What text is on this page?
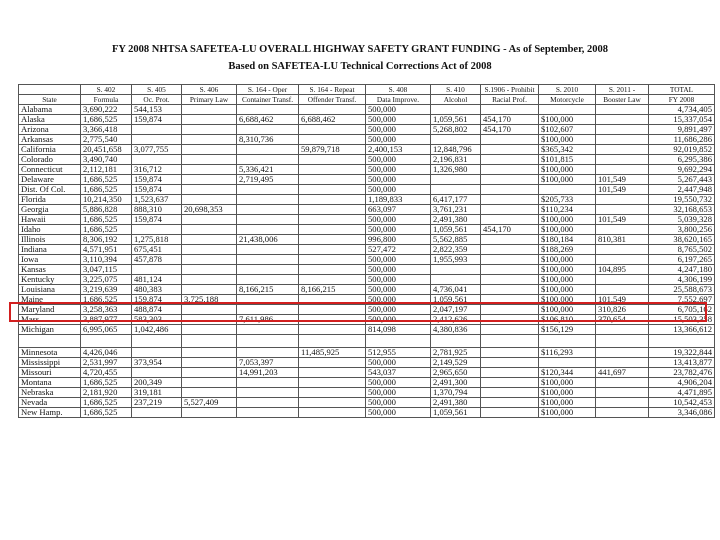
FY 2008 NHTSA SAFETEA-LU OVERALL HIGHWAY SAFETY GRANT FUNDING - As of September, 2008
Based on SAFETEA-LU Technical Corrections Act of 2008
	S. 402	S. 405	S. 406	S. 164 - Oper	S. 164 - Repeat	S. 408	S. 410	S.1906 - Prohibit	S. 2010	S. 2011 -	TOTAL
State	Formula	Oc. Prot.	Primary Law	Container Transf.	Offender Transf.	Data Improve.	Alcohol	Racial Prof.	Motorcycle	Booster Law	FY 2008
Alabama	3,690,222	544,153				500,000					4,734,405
Alaska	1,686,525	159,874		6,688,462	6,688,462	500,000	1,059,561	454,170	$100,000		15,337,054
Arizona	3,366,418					500,000	5,268,802	454,170	$102,607		9,891,497
Arkansas	2,775,540			8,310,736		500,000			$100,000		11,686,286
California	20,451,658	3,077,755			59,879,718	2,400,153	12,848,796		$365,342		92,019,852
Colorado	3,490,740					500,000	2,196,831		$101,815		6,295,386
Connecticut	2,112,181	316,712		5,336,421		500,000	1,326,980		$100,000		9,692,294
Delaware	1,686,525	159,874		2,719,495		500,000			$100,000	101,549	5,267,443
Dist. Of Col.	1,686,525	159,874				500,000				101,549	2,447,948
Florida	10,214,350	1,523,637				1,189,833	6,417,177		$205,733		19,550,732
Georgia	5,886,828	888,310	20,698,353			663,097	3,761,231		$110,234		32,168,653
Hawaii	1,686,525	159,874				500,000	2,491,380		$100,000	101,549	5,039,328
Idaho	1,686,525					500,000	1,059,561	454,170	$100,000		3,800,256
Illinois	8,306,192	1,275,818		21,438,006		996,800	5,562,885		$180,184	810,381	38,620,165
Indiana	4,571,951	675,451				527,472	2,822,359		$188,269		8,765,502
Iowa	3,110,394	457,878				500,000	1,955,993		$100,000		6,197,265
Kansas	3,047,115					500,000			$100,000	104,895	4,247,180
Kentucky	3,225,075	481,124				500,000			$100,000		4,306,199
Louisiana	3,219,639	480,383		8,166,215	8,166,215	500,000	4,736,041		$100,000		25,588,673
Maine	1,686,525	159,874	3,725,188			500,000	1,059,561		$100,000	101,549	7,552,697
Maryland	3,258,363	488,874				500,000	2,047,197		$100,000	310,826	6,705,162
Mass.	3,887,977	583,303		7,611,986		500,000	2,412,626		$106,810	370,654	15,503,358
Michigan	6,995,065	1,042,486				814,098	4,380,836		$156,129		13,366,612

Minnesota	4,426,046				11,485,925	512,955	2,781,925		$116,293		19,322,844
Mississippi	2,531,997	373,954		7,053,397		500,000	2,149,529				13,413,877
Missouri	4,720,455			14,991,203		543,037	2,965,650		$120,344	441,697	23,782,476
Montana	1,686,525	200,349				500,000	2,491,300		$100,000		4,906,204
Nebraska	2,181,920	319,181				500,000	1,370,794		$100,000		4,471,895
Nevada	1,686,525	237,219	5,527,409			500,000	2,491,380		$100,000		10,542,453
New Hamp.	1,686,525					500,000	1,059,561		$100,000		3,346,086
